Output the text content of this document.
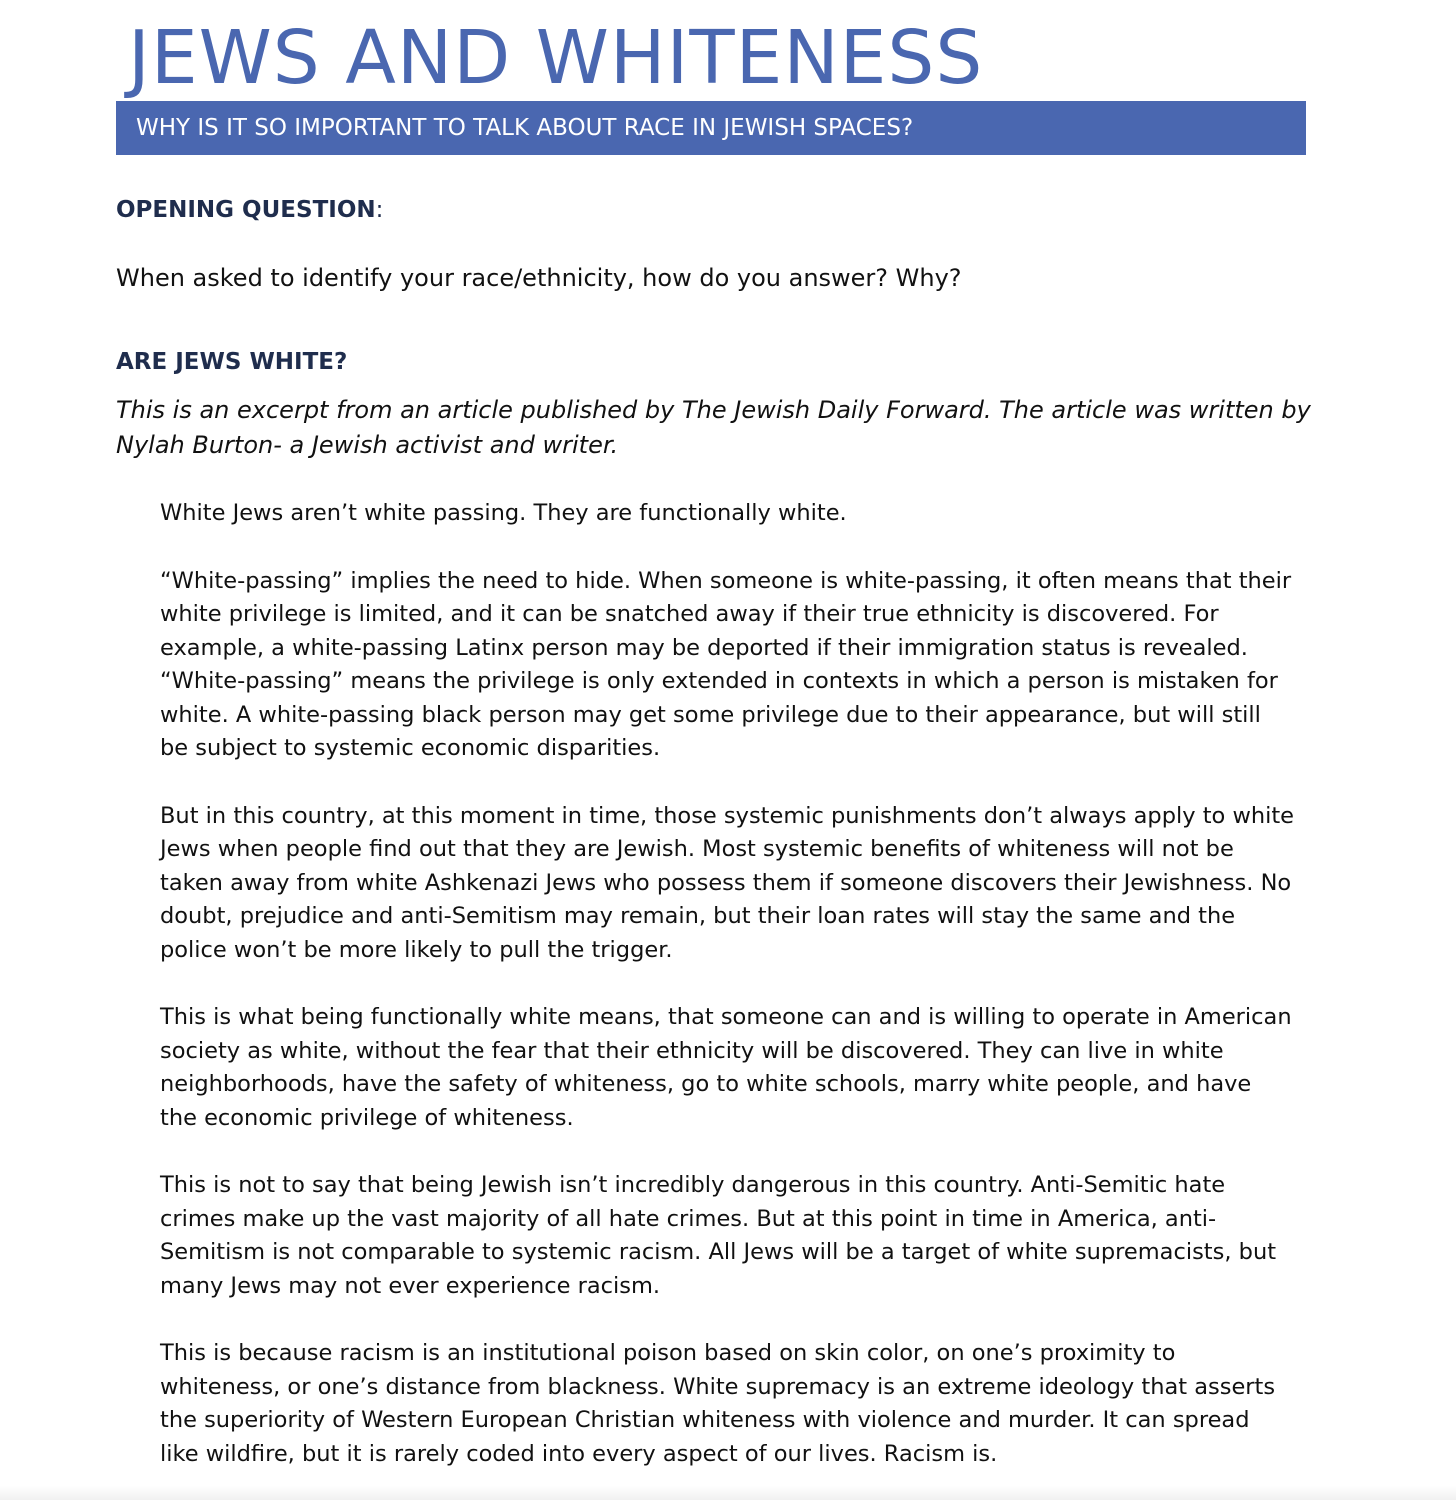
JEWS AND WHITENESS
WHY IS IT SO IMPORTANT TO TALK ABOUT RACE IN JEWISH SPACES?
OPENING QUESTION:

When asked to identify your race/ethnicity, how do you answer? Why?

ARE JEWS WHITE?

This is an excerpt from an article published by The Jewish Daily Forward. The article was written by Nylah Burton- a Jewish activist and writer.

White Jews aren’t white passing. They are functionally white.

“White-passing” implies the need to hide. When someone is white-passing, it often means that their white privilege is limited, and it can be snatched away if their true ethnicity is discovered. For example, a white-passing Latinx person may be deported if their immigration status is revealed. “White-passing” means the privilege is only extended in contexts in which a person is mistaken for white. A white-passing black person may get some privilege due to their appearance, but will still be subject to systemic economic disparities.

But in this country, at this moment in time, those systemic punishments don’t always apply to white Jews when people find out that they are Jewish. Most systemic benefits of whiteness will not be taken away from white Ashkenazi Jews who possess them if someone discovers their Jewishness. No doubt, prejudice and anti-Semitism may remain, but their loan rates will stay the same and the police won’t be more likely to pull the trigger.

This is what being functionally white means, that someone can and is willing to operate in American society as white, without the fear that their ethnicity will be discovered. They can live in white neighborhoods, have the safety of whiteness, go to white schools, marry white people, and have the economic privilege of whiteness.

This is not to say that being Jewish isn’t incredibly dangerous in this country. Anti-Semitic hate crimes make up the vast majority of all hate crimes. But at this point in time in America, anti-Semitism is not comparable to systemic racism. All Jews will be a target of white supremacists, but many Jews may not ever experience racism.

This is because racism is an institutional poison based on skin color, on one’s proximity to whiteness, or one’s distance from blackness. White supremacy is an extreme ideology that asserts the superiority of Western European Christian whiteness with violence and murder. It can spread like wildfire, but it is rarely coded into every aspect of our lives. Racism is.
